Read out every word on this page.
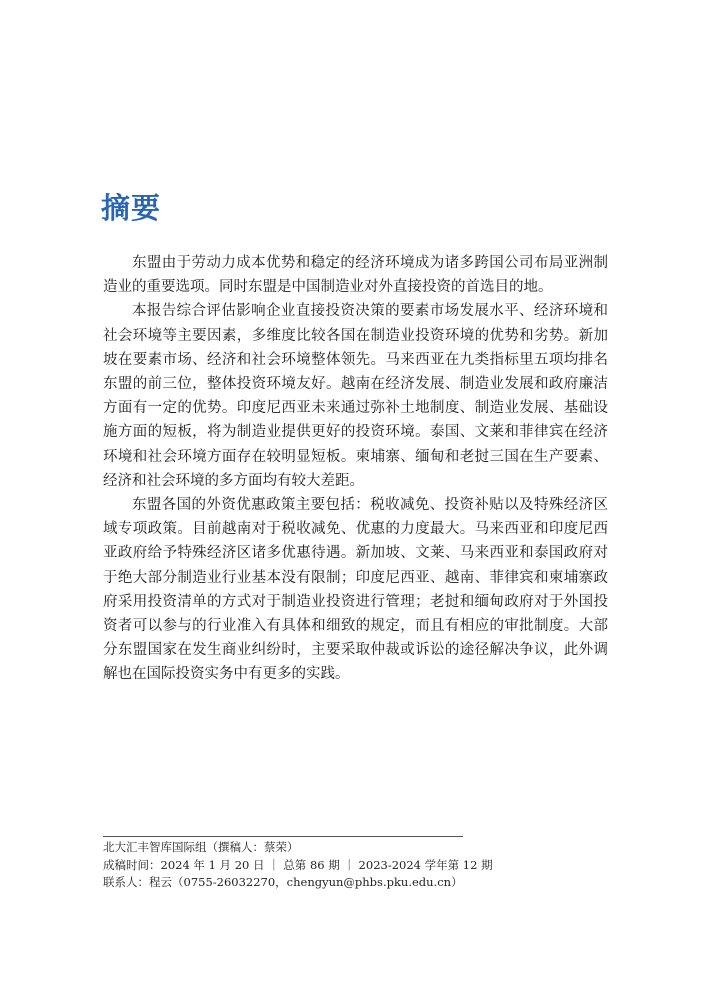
摘要

东盟由于劳动力成本优势和稳定的经济环境成为诸多跨国公司布局亚洲制造业的重要选项。同时东盟是中国制造业对外直接投资的首选目的地。

本报告综合评估影响企业直接投资决策的要素市场发展水平、经济环境和社会环境等主要因素，多维度比较各国在制造业投资环境的优势和劣势。新加坡在要素市场、经济和社会环境整体领先。马来西亚在九类指标里五项均排名东盟的前三位，整体投资环境友好。越南在经济发展、制造业发展和政府廉洁方面有一定的优势。印度尼西亚未来通过弥补土地制度、制造业发展、基础设施方面的短板，将为制造业提供更好的投资环境。泰国、文莱和菲律宾在经济环境和社会环境方面存在较明显短板。柬埔寨、缅甸和老挝三国在生产要素、经济和社会环境的多方面均有较大差距。

东盟各国的外资优惠政策主要包括：税收减免、投资补贴以及特殊经济区域专项政策。目前越南对于税收减免、优惠的力度最大。马来西亚和印度尼西亚政府给予特殊经济区诸多优惠待遇。新加坡、文莱、马来西亚和泰国政府对于绝大部分制造业行业基本没有限制；印度尼西亚、越南、菲律宾和柬埔寨政府采用投资清单的方式对于制造业投资进行管理；老挝和缅甸政府对于外国投资者可以参与的行业准入有具体和细致的规定，而且有相应的审批制度。大部分东盟国家在发生商业纠纷时，主要采取仲裁或诉讼的途径解决争议，此外调解也在国际投资实务中有更多的实践。

北大汇丰智库国际组（撰稿人：蔡荣）
成稿时间：2024 年 1 月 20 日 ｜ 总第 86 期 ｜ 2023-2024 学年第 12 期
联系人：程云（0755-26032270，chengyun@phbs.pku.edu.cn）
